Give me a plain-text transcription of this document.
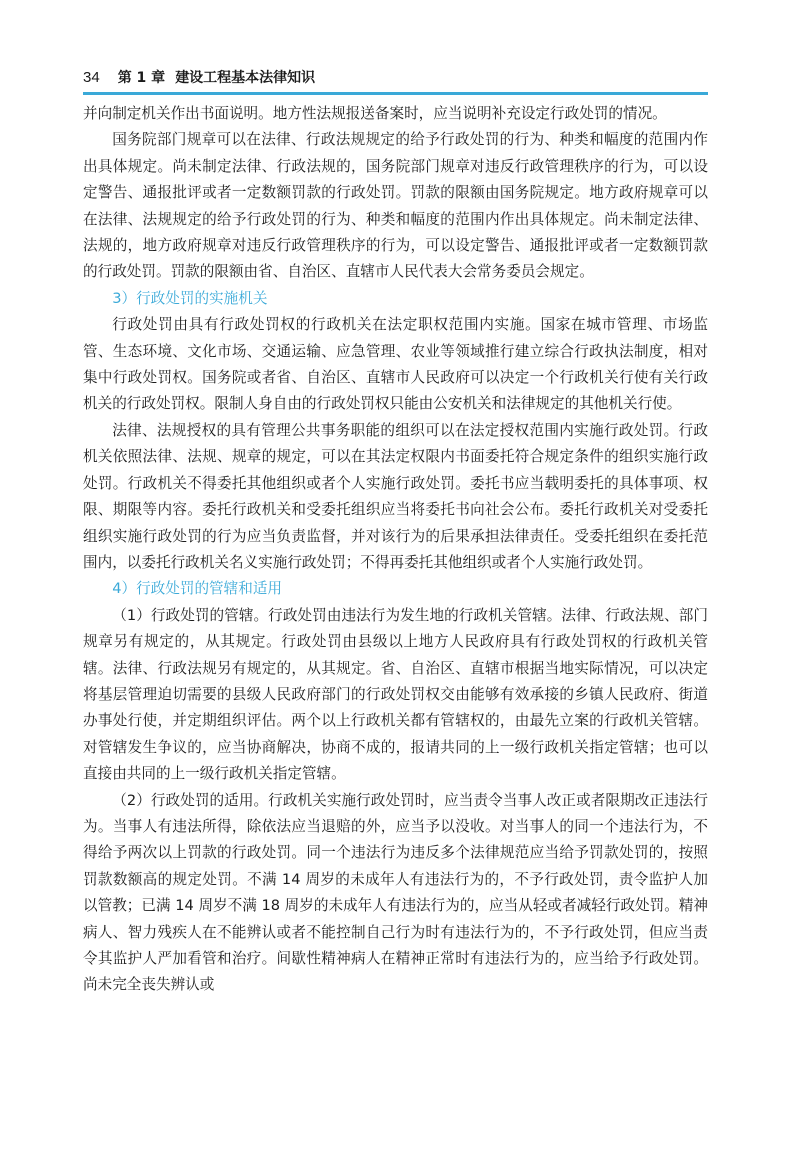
34 第 1 章 建设工程基本法律知识

并向制定机关作出书面说明。地方性法规报送备案时，应当说明补充设定行政处罚的情况。

国务院部门规章可以在法律、行政法规规定的给予行政处罚的行为、种类和幅度的范围内作出具体规定。尚未制定法律、行政法规的，国务院部门规章对违反行政管理秩序的行为，可以设定警告、通报批评或者一定数额罚款的行政处罚。罚款的限额由国务院规定。地方政府规章可以在法律、法规规定的给予行政处罚的行为、种类和幅度的范围内作出具体规定。尚未制定法律、法规的，地方政府规章对违反行政管理秩序的行为，可以设定警告、通报批评或者一定数额罚款的行政处罚。罚款的限额由省、自治区、直辖市人民代表大会常务委员会规定。

3）行政处罚的实施机关

行政处罚由具有行政处罚权的行政机关在法定职权范围内实施。国家在城市管理、市场监管、生态环境、文化市场、交通运输、应急管理、农业等领域推行建立综合行政执法制度，相对集中行政处罚权。国务院或者省、自治区、直辖市人民政府可以决定一个行政机关行使有关行政机关的行政处罚权。限制人身自由的行政处罚权只能由公安机关和法律规定的其他机关行使。

法律、法规授权的具有管理公共事务职能的组织可以在法定授权范围内实施行政处罚。行政机关依照法律、法规、规章的规定，可以在其法定权限内书面委托符合规定条件的组织实施行政处罚。行政机关不得委托其他组织或者个人实施行政处罚。委托书应当载明委托的具体事项、权限、期限等内容。委托行政机关和受委托组织应当将委托书向社会公布。委托行政机关对受委托组织实施行政处罚的行为应当负责监督，并对该行为的后果承担法律责任。受委托组织在委托范围内，以委托行政机关名义实施行政处罚；不得再委托其他组织或者个人实施行政处罚。

4）行政处罚的管辖和适用

（1）行政处罚的管辖。行政处罚由违法行为发生地的行政机关管辖。法律、行政法规、部门规章另有规定的，从其规定。行政处罚由县级以上地方人民政府具有行政处罚权的行政机关管辖。法律、行政法规另有规定的，从其规定。省、自治区、直辖市根据当地实际情况，可以决定将基层管理迫切需要的县级人民政府部门的行政处罚权交由能够有效承接的乡镇人民政府、街道办事处行使，并定期组织评估。两个以上行政机关都有管辖权的，由最先立案的行政机关管辖。对管辖发生争议的，应当协商解决，协商不成的，报请共同的上一级行政机关指定管辖；也可以直接由共同的上一级行政机关指定管辖。

（2）行政处罚的适用。行政机关实施行政处罚时，应当责令当事人改正或者限期改正违法行为。当事人有违法所得，除依法应当退赔的外，应当予以没收。对当事人的同一个违法行为，不得给予两次以上罚款的行政处罚。同一个违法行为违反多个法律规范应当给予罚款处罚的，按照罚款数额高的规定处罚。不满 14 周岁的未成年人有违法行为的，不予行政处罚，责令监护人加以管教；已满 14 周岁不满 18 周岁的未成年人有违法行为的，应当从轻或者减轻行政处罚。精神病人、智力残疾人在不能辨认或者不能控制自己行为时有违法行为的，不予行政处罚，但应当责令其监护人严加看管和治疗。间歇性精神病人在精神正常时有违法行为的，应当给予行政处罚。尚未完全丧失辨认或
